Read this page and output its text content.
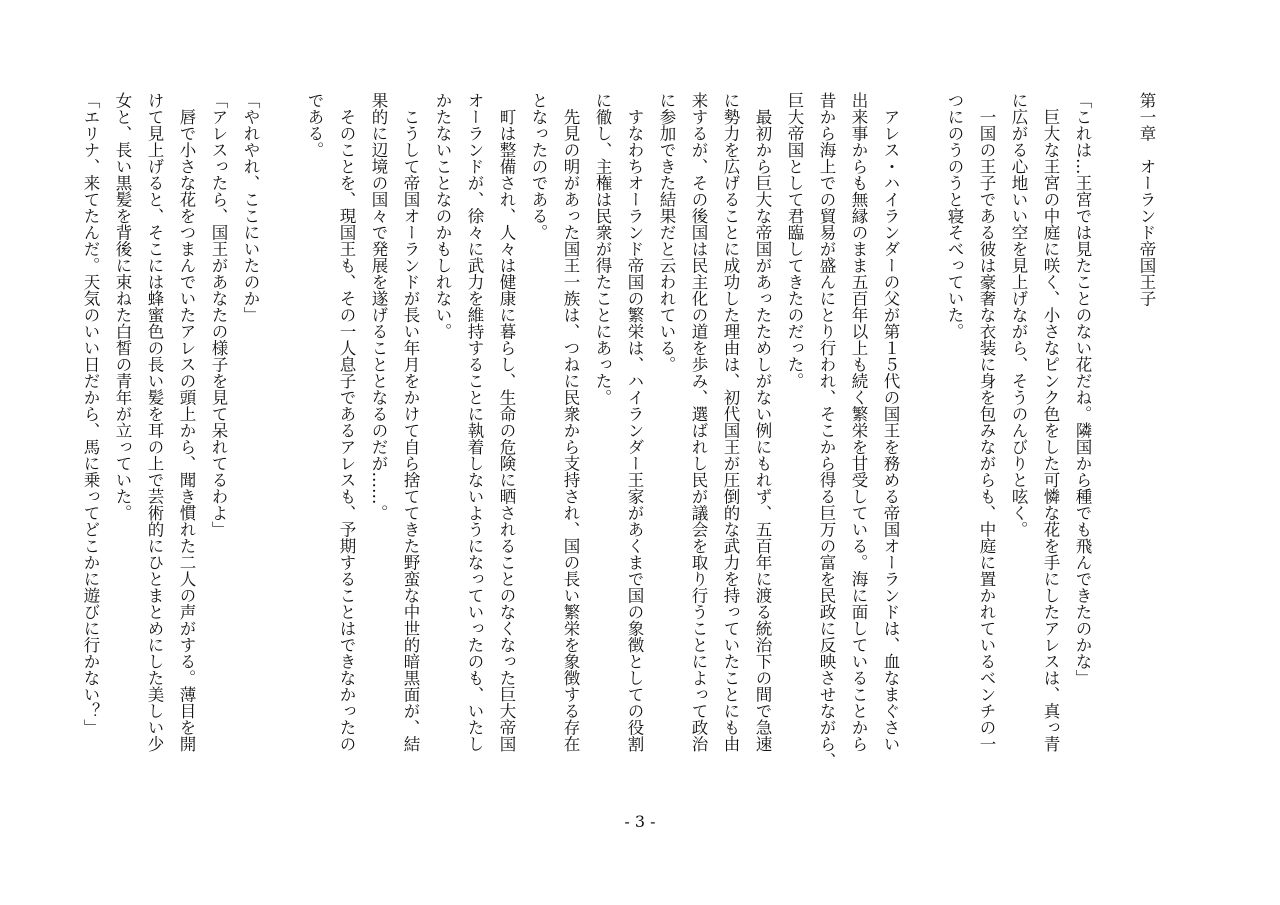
第一章　オーランド帝国王子
「これは…王宮では見たことのない花だね。隣国から種でも飛んできたのかな」
　巨大な王宮の中庭に咲く、小さなピンク色をした可憐な花を手にしたアレスは、真っ青
に広がる心地いい空を見上げながら、そうのんびりと呟く。
　一国の王子である彼は豪奢な衣装に身を包みながらも、中庭に置かれているベンチの一
つにのうのうと寝そべっていた。
　アレス・ハイランダーの父が第１５代の国王を務める帝国オーランドは、血なまぐさい
出来事からも無縁のまま五百年以上も続く繁栄を甘受している。海に面していることから
昔から海上での貿易が盛んにとり行われ、そこから得る巨万の富を民政に反映させながら、
巨大帝国として君臨してきたのだった。
　最初から巨大な帝国があったためしがない例にもれず、五百年に渡る統治下の間で急速
に勢力を広げることに成功した理由は、初代国王が圧倒的な武力を持っていたことにも由
来するが、その後国は民主化の道を歩み、選ばれし民が議会を取り行うことによって政治
に参加できた結果だと云われている。
　すなわちオーランド帝国の繁栄は、ハイランダー王家があくまで国の象徴としての役割
に徹し、主権は民衆が得たことにあった。
　先見の明があった国王一族は、つねに民衆から支持され、国の長い繁栄を象徴する存在
となったのである。
　町は整備され、人々は健康に暮らし、生命の危険に晒されることのなくなった巨大帝国
オーランドが、徐々に武力を維持することに執着しないようになっていったのも、いたし
かたないことなのかもしれない。
　こうして帝国オーランドが長い年月をかけて自ら捨ててきた野蛮な中世的暗黒面が、結
果的に辺境の国々で発展を遂げることとなるのだが……。
　そのことを、現国王も、その一人息子であるアレスも、予期することはできなかったの
である。
「やれやれ、ここにいたのか」
「アレスったら、国王があなたの様子を見て呆れてるわよ」
　唇で小さな花をつまんでいたアレスの頭上から、聞き慣れた二人の声がする。薄目を開
けて見上げると、そこには蜂蜜色の長い髪を耳の上で芸術的にひとまとめにした美しい少
女と、長い黒髪を背後に束ねた白皙の青年が立っていた。
「エリナ、来てたんだ。天気のいい日だから、馬に乗ってどこかに遊びに行かない？」
- 3 -
